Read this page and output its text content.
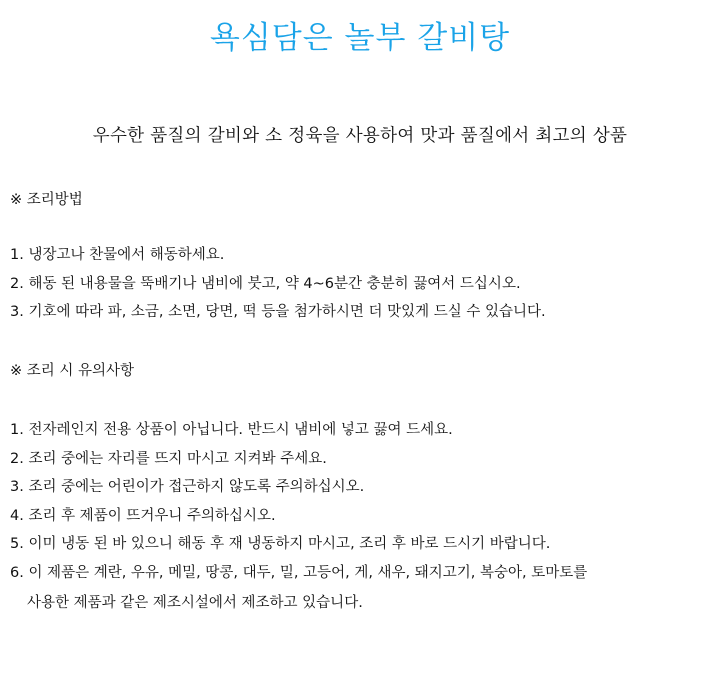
욕심담은 놀부 갈비탕
우수한 품질의 갈비와 소 정육을 사용하여 맛과 품질에서 최고의 상품
※ 조리방법
1. 냉장고나 찬물에서 해동하세요.
2. 해동 된 내용물을 뚝배기나 냄비에 붓고, 약 4~6분간 충분히 끓여서 드십시오.
3. 기호에 따라 파, 소금, 소면, 당면, 떡 등을 첨가하시면 더 맛있게 드실 수 있습니다.
※ 조리 시 유의사항
1. 전자레인지 전용 상품이 아닙니다. 반드시 냄비에 넣고 끓여 드세요.
2. 조리 중에는 자리를 뜨지 마시고 지켜봐 주세요.
3. 조리 중에는 어린이가 접근하지 않도록 주의하십시오.
4. 조리 후 제품이 뜨거우니 주의하십시오.
5. 이미 냉동 된 바 있으니 해동 후 재 냉동하지 마시고, 조리 후 바로 드시기 바랍니다.
6. 이 제품은 계란, 우유, 메밀, 땅콩, 대두, 밀, 고등어, 게, 새우, 돼지고기, 복숭아, 토마토를
사용한 제품과 같은 제조시설에서 제조하고 있습니다.
